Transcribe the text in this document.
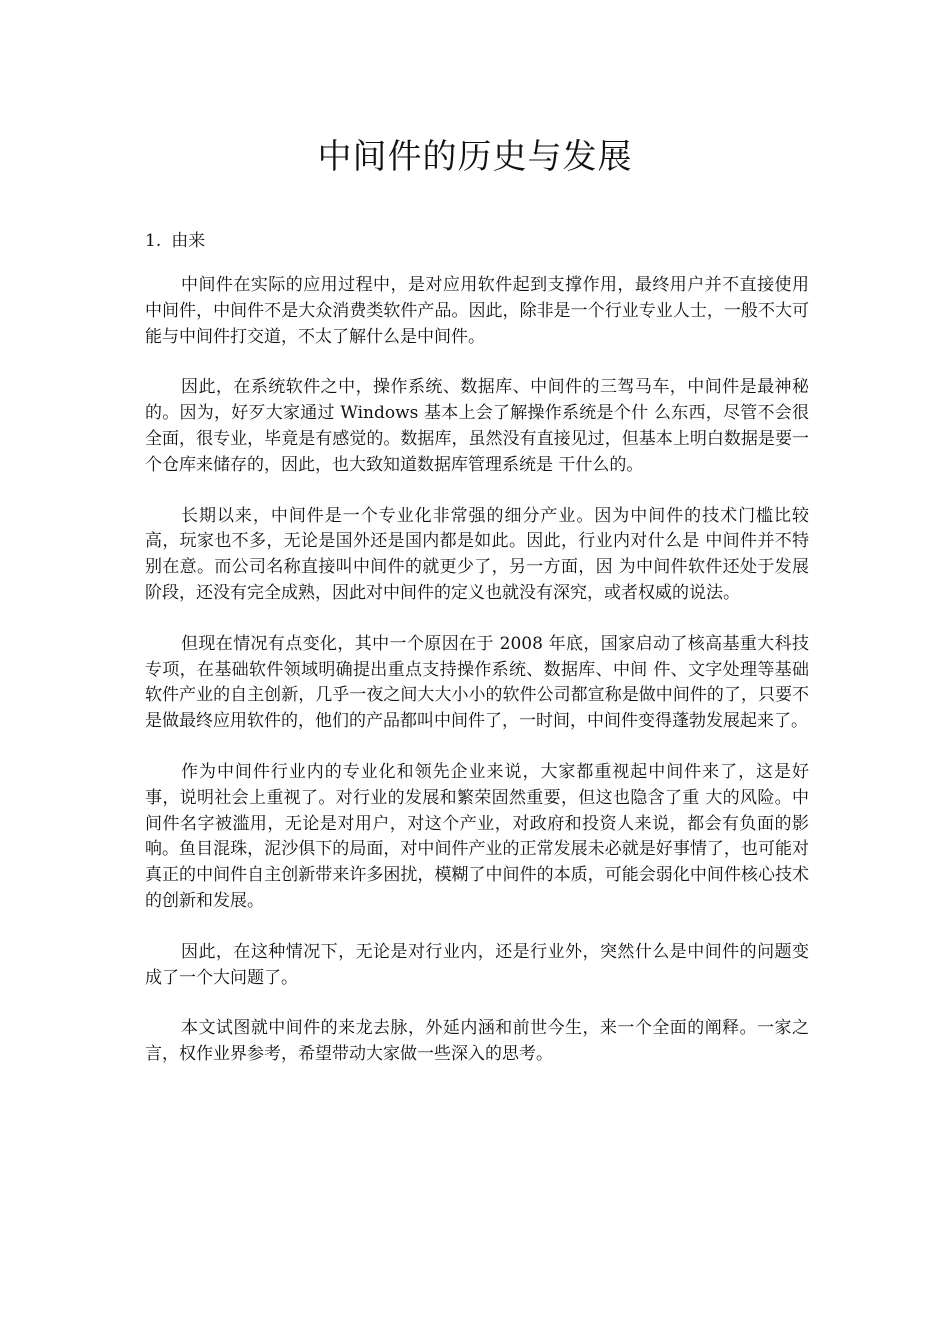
中间件的历史与发展
1. 由来

中间件在实际的应用过程中，是对应用软件起到支撑作用，最终用户并不直接使用中间件，中间件不是大众消费类软件产品。因此，除非是一个行业专业人士，一般不大可能与中间件打交道，不太了解什么是中间件。

因此，在系统软件之中，操作系统、数据库、中间件的三驾马车，中间件是最神秘的。因为，好歹大家通过 Windows 基本上会了解操作系统是个什 么东西，尽管不会很全面，很专业，毕竟是有感觉的。数据库，虽然没有直接见过，但基本上明白数据是要一个仓库来储存的，因此，也大致知道数据库管理系统是 干什么的。

长期以来，中间件是一个专业化非常强的细分产业。因为中间件的技术门槛比较高，玩家也不多，无论是国外还是国内都是如此。因此，行业内对什么是 中间件并不特别在意。而公司名称直接叫中间件的就更少了，另一方面，因 为中间件软件还处于发展阶段，还没有完全成熟，因此对中间件的定义也就没有深究，或者权威的说法。

但现在情况有点变化，其中一个原因在于 2008 年底，国家启动了核高基重大科技专项，在基础软件领域明确提出重点支持操作系统、数据库、中间 件、文字处理等基础软件产业的自主创新，几乎一夜之间大大小小的软件公司都宣称是做中间件的了，只要不是做最终应用软件的，他们的产品都叫中间件了，一时间，中间件变得蓬勃发展起来了。

作为中间件行业内的专业化和领先企业来说，大家都重视起中间件来了，这是好事，说明社会上重视了。对行业的发展和繁荣固然重要，但这也隐含了重 大的风险。中间件名字被滥用，无论是对用户，对这个产业，对政府和投资人来说，都会有负面的影响。鱼目混珠，泥沙俱下的局面，对中间件产业的正常发展未必就是好事情了，也可能对真正的中间件自主创新带来许多困扰，模糊了中间件的本质，可能会弱化中间件核心技术的创新和发展。

因此，在这种情况下，无论是对行业内，还是行业外，突然什么是中间件的问题变成了一个大问题了。

本文试图就中间件的来龙去脉，外延内涵和前世今生，来一个全面的阐释。一家之言，权作业界参考，希望带动大家做一些深入的思考。
